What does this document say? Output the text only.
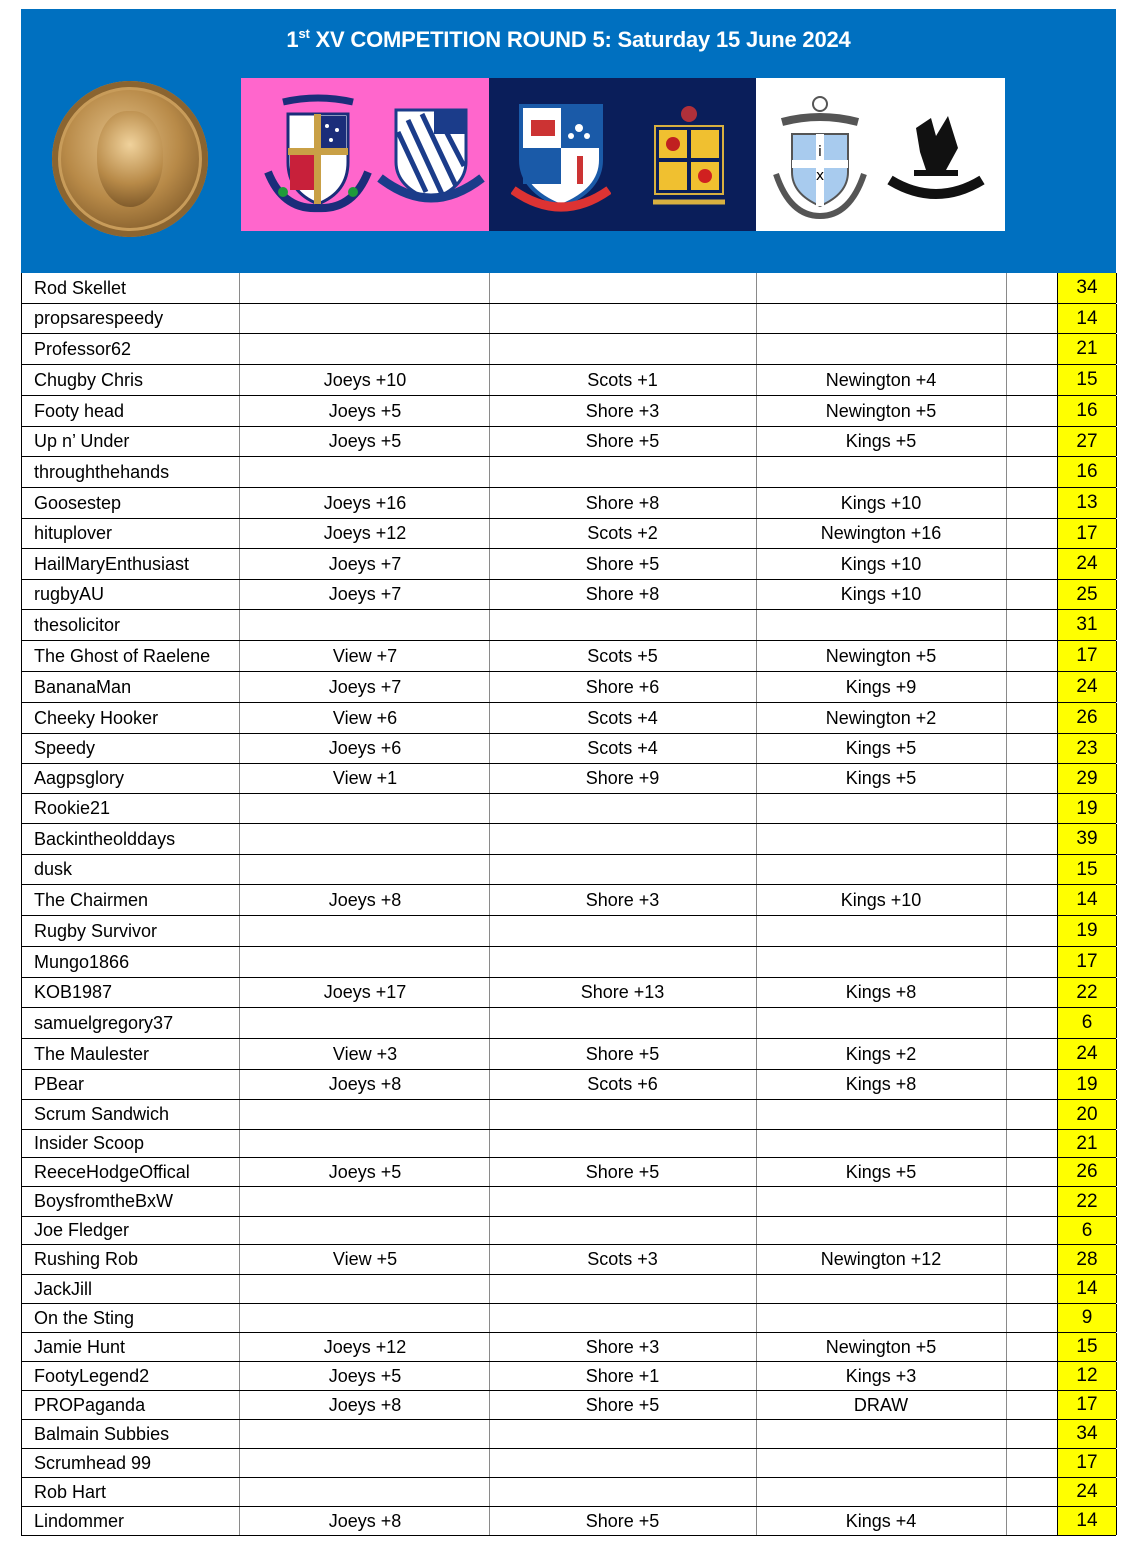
1st XV COMPETITION ROUND 5: Saturday 15 June 2024
i
x
Rod Skellet	34
propsarespeedy	14
Professor62	21
Chugby Chris	Joeys +10	Scots +1	Newington +4	15
Footy head	Joeys +5	Shore +3	Newington +5	16
Up n’ Under	Joeys +5	Shore +5	Kings +5	27
throughthehands	16
Goosestep	Joeys +16	Shore +8	Kings +10	13
hituplover	Joeys +12	Scots +2	Newington +16	17
HailMaryEnthusiast	Joeys +7	Shore +5	Kings +10	24
rugbyAU	Joeys +7	Shore +8	Kings +10	25
thesolicitor	31
The Ghost of Raelene	View +7	Scots +5	Newington +5	17
BananaMan	Joeys +7	Shore +6	Kings +9	24
Cheeky Hooker	View +6	Scots +4	Newington +2	26
Speedy	Joeys +6	Scots +4	Kings +5	23
Aagpsglory	View +1	Shore +9	Kings +5	29
Rookie21	19
Backintheolddays	39
dusk	15
The Chairmen	Joeys +8	Shore +3	Kings +10	14
Rugby Survivor	19
Mungo1866	17
KOB1987	Joeys +17	Shore +13	Kings +8	22
samuelgregory37	6
The Maulester	View +3	Shore +5	Kings +2	24
PBear	Joeys +8	Scots +6	Kings +8	19
Scrum Sandwich	20
Insider Scoop	21
ReeceHodgeOffical	Joeys +5	Shore +5	Kings +5	26
BoysfromtheBxW	22
Joe Fledger	6
Rushing Rob	View +5	Scots +3	Newington +12	28
JackJill	14
On the Sting	9
Jamie Hunt	Joeys +12	Shore +3	Newington +5	15
FootyLegend2	Joeys +5	Shore +1	Kings +3	12
PROPaganda	Joeys +8	Shore +5	DRAW	17
Balmain Subbies	34
Scrumhead 99	17
Rob Hart	24
Lindommer	Joeys +8	Shore +5	Kings +4	14
